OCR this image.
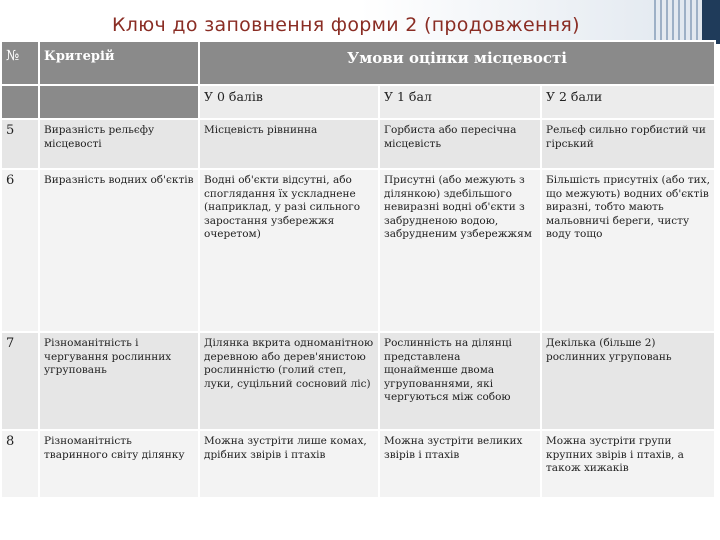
Ключ до заповнення форми 2 (продовження)
№	Критерій	Умови оцінки місцевості		
		У 0 балів	У 1 бал	У 2 бали
5	Виразність рельєфу місцевості	Місцевість рівнинна	Горбиста або пересічна місцевість	Рельєф сильно горбистий чи гірський
6	Виразність водних об'єктів	Водні об'єкти відсутні, або споглядання їх ускладнене (наприклад, у разі сильного заростання узбережжя очеретом)	Присутні (або межують з ділянкою) здебільшого невиразні водні об'єкти з забрудненою водою, забрудненим узбережжям	Більшість присутніх (або тих, що межують) водних об'єктів виразні, тобто мають мальовничі береги, чисту воду тощо
7	Різноманітність і чергування рослинних угруповань	Ділянка вкрита одноманітною деревною або дерев'янистою рослинністю (голий степ, луки, суцільний сосновий ліс)	Рослинність на ділянці представлена щонайменше двома угрупованнями, які чергуються між собою	Декілька (більше 2) рослинних угруповань
8	Різноманітність тваринного світу ділянку	Можна зустріти лише комах, дрібних звірів і птахів	Можна зустріти великих звірів і птахів	Можна зустріти групи крупних звірів і птахів, а також хижаків
